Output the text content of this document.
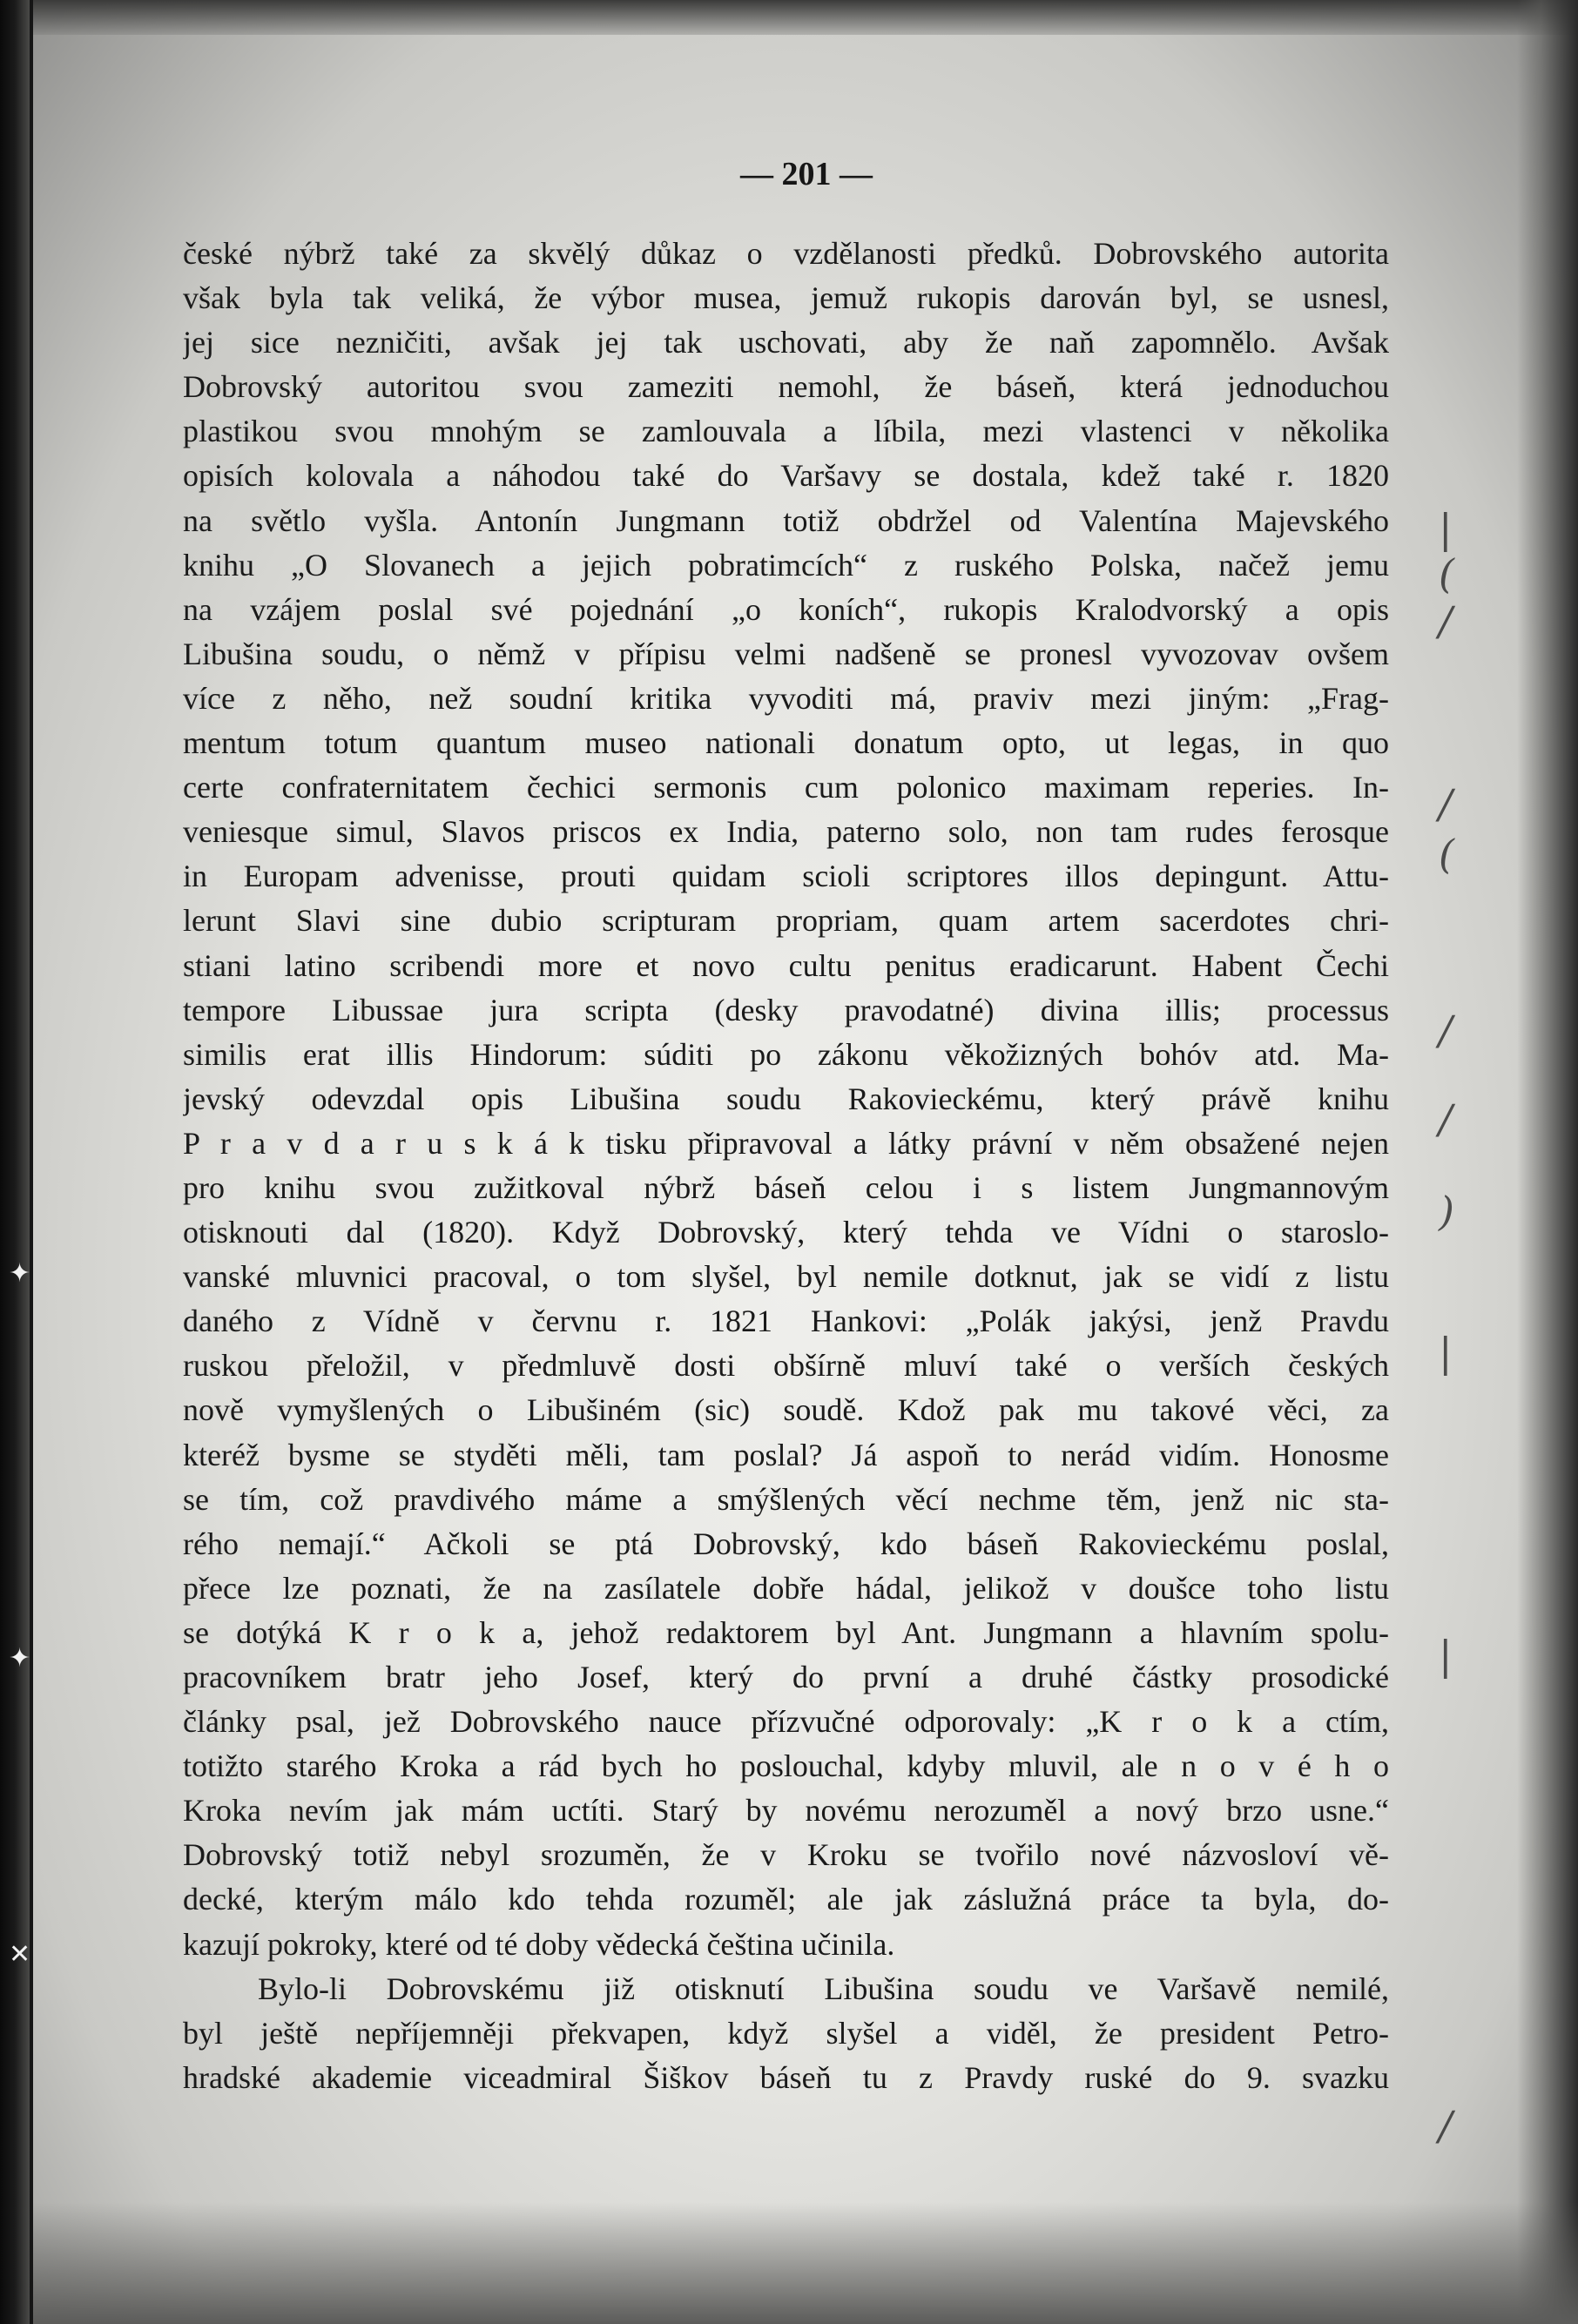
✦
✦
✕
|
(
/
/
(
/
/
)
|
|
/
— 201 —
české nýbrž také za skvělý důkaz o vzdělanosti předků. Dobrovského autorita
však byla tak veliká, že výbor musea, jemuž rukopis darován byl, se usnesl,
jej sice nezničiti, avšak jej tak uschovati, aby že naň zapomnělo. Avšak
Dobrovský autoritou svou zameziti nemohl, že báseň, která jednoduchou
plastikou svou mnohým se zamlouvala a líbila, mezi vlastenci v několika
opisích kolovala a náhodou také do Varšavy se dostala, kdež také r. 1820
na světlo vyšla. Antonín Jungmann totiž obdržel od Valentína Majevského
knihu „O Slovanech a jejich pobratimcích“ z ruského Polska, načež jemu
na vzájem poslal své pojednání „o koních“, rukopis Kralodvorský a opis
Libušina soudu, o němž v přípisu velmi nadšeně se pronesl vyvozovav ovšem
více z něho, než soudní kritika vyvoditi má, praviv mezi jiným: „Frag-
mentum totum quantum museo nationali donatum opto, ut legas, in quo
certe confraternitatem čechici sermonis cum polonico maximam reperies. In-
veniesque simul, Slavos priscos ex India, paterno solo, non tam rudes ferosque
in Europam advenisse, prouti quidam scioli scriptores illos depingunt. Attu-
lerunt Slavi sine dubio scripturam propriam, quam artem sacerdotes chri-
stiani latino scribendi more et novo cultu penitus eradicarunt. Habent Čechi
tempore Libussae jura scripta (desky pravodatné) divina illis; processus
similis erat illis Hindorum: súditi po zákonu věkožizných bohóv atd. Ma-
jevský odevzdal opis Libušina soudu Rakovieckému, který právě knihu
P r a v d a r u s k á k tisku připravoval a látky právní v něm obsažené nejen
pro knihu svou zužitkoval nýbrž báseň celou i s listem Jungmannovým
otisknouti dal (1820). Když Dobrovský, který tehda ve Vídni o staroslo-
vanské mluvnici pracoval, o tom slyšel, byl nemile dotknut, jak se vidí z listu
daného z Vídně v červnu r. 1821 Hankovi: „Polák jakýsi, jenž Pravdu
ruskou přeložil, v předmluvě dosti obšírně mluví také o verších českých
nově vymyšlených o Libušiném (sic) soudě. Kdož pak mu takové věci, za
kteréž bysme se styděti měli, tam poslal? Já aspoň to nerád vidím. Honosme
se tím, což pravdivého máme a smýšlených věcí nechme těm, jenž nic sta-
rého nemají.“ Ačkoli se ptá Dobrovský, kdo báseň Rakovieckému poslal,
přece lze poznati, že na zasílatele dobře hádal, jelikož v doušce toho listu
se dotýká K r o k a, jehož redaktorem byl Ant. Jungmann a hlavním spolu-
pracovníkem bratr jeho Josef, který do první a druhé částky prosodické
články psal, jež Dobrovského nauce přízvučné odporovaly: „K r o k a ctím,
totižto starého Kroka a rád bych ho poslouchal, kdyby mluvil, ale n o v é h o
Kroka nevím jak mám uctíti. Starý by novému nerozuměl a nový brzo usne.“
Dobrovský totiž nebyl srozuměn, že v Kroku se tvořilo nové názvosloví vě-
decké, kterým málo kdo tehda rozuměl; ale jak záslužná práce ta byla, do-
kazují pokroky, které od té doby vědecká čeština učinila.
Bylo-li Dobrovskému již otisknutí Libušina soudu ve Varšavě nemilé,
byl ještě nepříjemněji překvapen, když slyšel a viděl, že president Petro-
hradské akademie viceadmiral Šiškov báseň tu z Pravdy ruské do 9. svazku
